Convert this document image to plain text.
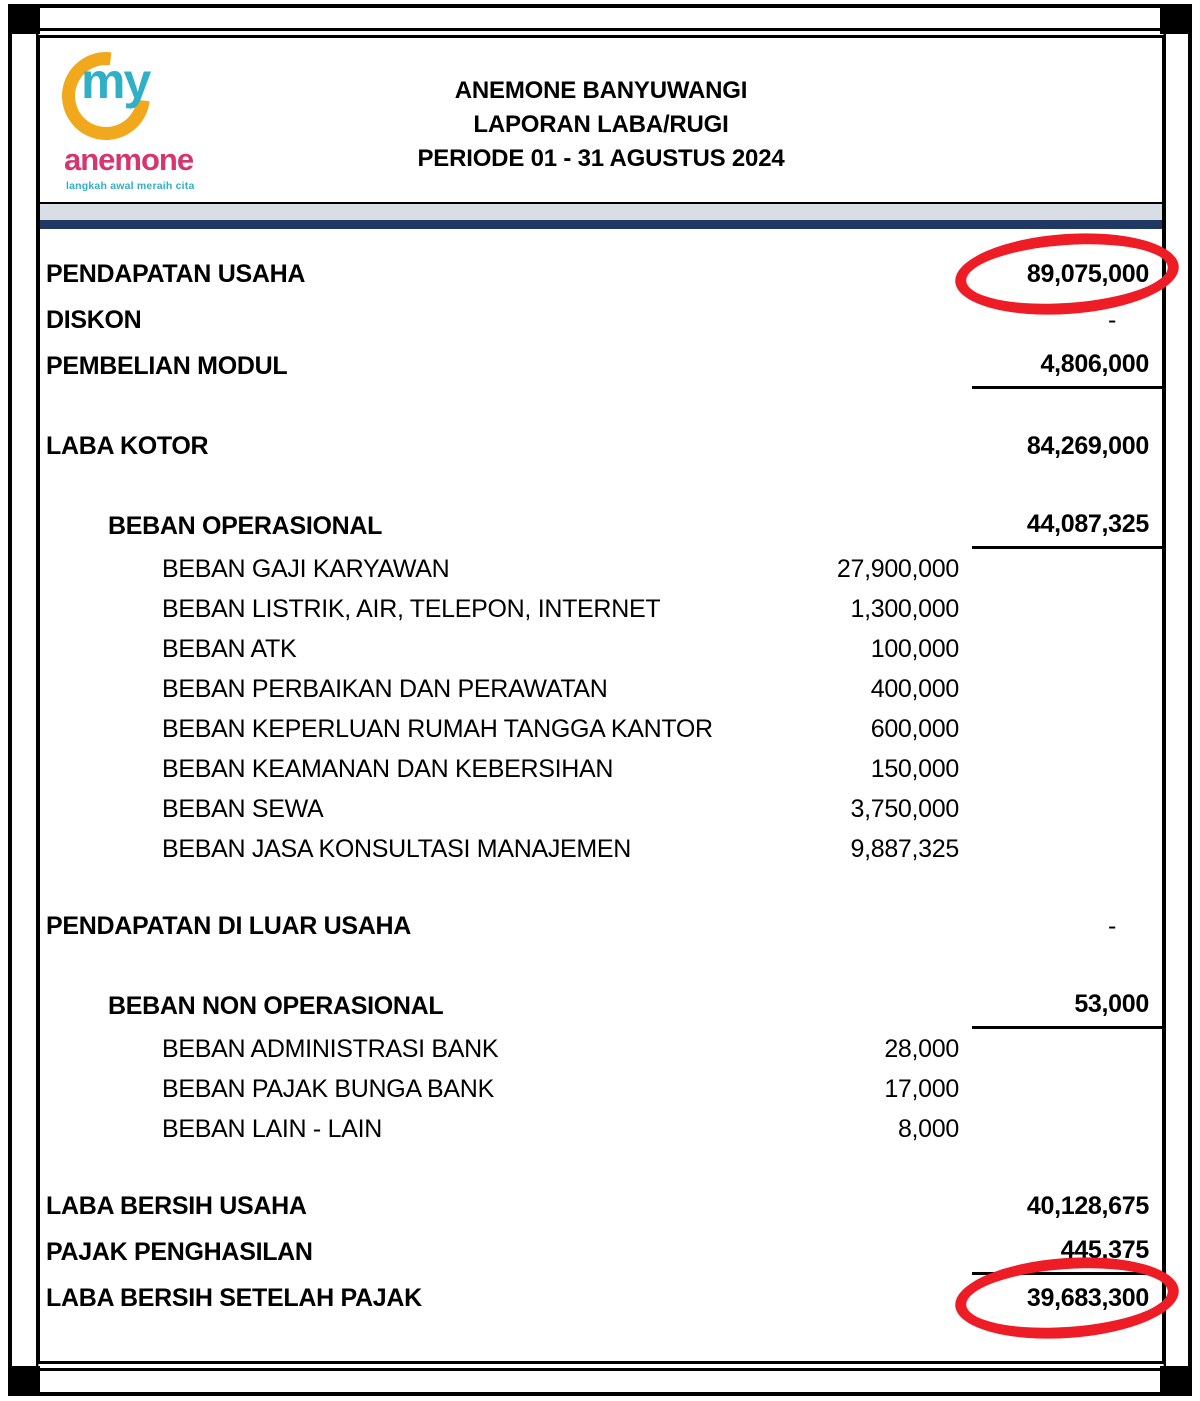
my
anemone
langkah awal meraih cita
ANEMONE BANYUWANGI
LAPORAN LABA/RUGI
PERIODE 01 - 31 AGUSTUS 2024
PENDAPATAN USAHA	89,075,000
DISKON	-
PEMBELIAN MODUL	4,806,000
LABA KOTOR	84,269,000
BEBAN OPERASIONAL	44,087,325
BEBAN GAJI KARYAWAN	27,900,000
BEBAN LISTRIK, AIR, TELEPON, INTERNET	1,300,000
BEBAN ATK	100,000
BEBAN PERBAIKAN DAN PERAWATAN	400,000
BEBAN KEPERLUAN RUMAH TANGGA KANTOR	600,000
BEBAN KEAMANAN DAN KEBERSIHAN	150,000
BEBAN SEWA	3,750,000
BEBAN JASA KONSULTASI MANAJEMEN	9,887,325
PENDAPATAN DI LUAR USAHA	-
BEBAN NON OPERASIONAL	53,000
BEBAN ADMINISTRASI BANK	28,000
BEBAN PAJAK BUNGA BANK	17,000
BEBAN LAIN - LAIN	8,000
LABA BERSIH USAHA	40,128,675
PAJAK PENGHASILAN	445,375
LABA BERSIH SETELAH PAJAK	39,683,300
